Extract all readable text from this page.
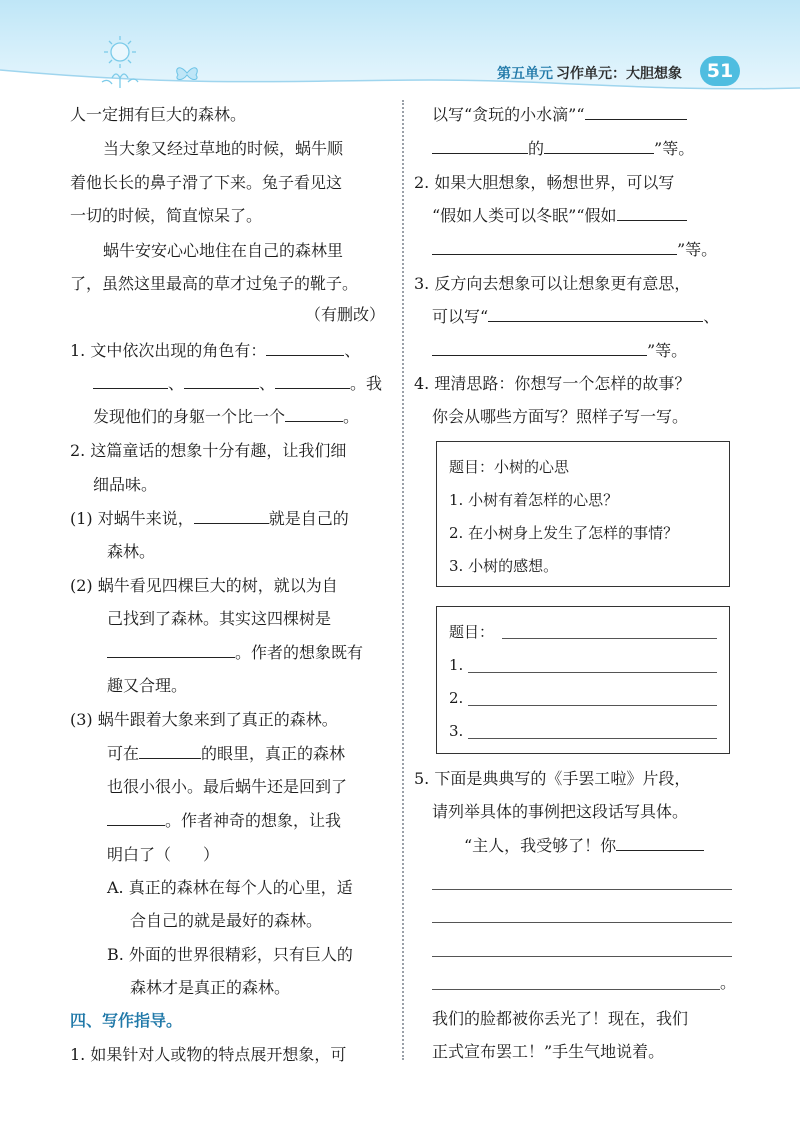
第五单元 习作单元：大胆想象	51
人一定拥有巨大的森林。
当大象又经过草地的时候，蜗牛顺
着他长长的鼻子滑了下来。兔子看见这
一切的时候，简直惊呆了。
蜗牛安安心心地住在自己的森林里
了，虽然这里最高的草才过兔子的靴子。
（有删改）
1. 文中依次出现的角色有：	、
、	、	。我
发现他们的身躯一个比一个	。
2. 这篇童话的想象十分有趣，让我们细
细品味。
(1) 对蜗牛来说，	就是自己的
森林。
(2) 蜗牛看见四棵巨大的树，就以为自
己找到了森林。其实这四棵树是
。作者的想象既有
趣又合理。
(3) 蜗牛跟着大象来到了真正的森林。
可在	的眼里，真正的森林
也很小很小。最后蜗牛还是回到了
。作者神奇的想象，让我
明白了（　　）
A. 真正的森林在每个人的心里，适
合自己的就是最好的森林。
B. 外面的世界很精彩，只有巨人的
森林才是真正的森林。
四、写作指导。
1. 如果针对人或物的特点展开想象，可
以写“贪玩的小水滴”“
的	”等。
2. 如果大胆想象，畅想世界，可以写
“假如人类可以冬眠”“假如
”等。
3. 反方向去想象可以让想象更有意思，
可以写“	、
”等。
4. 理清思路：你想写一个怎样的故事？
你会从哪些方面写？照样子写一写。
题目：小树的心思
1. 小树有着怎样的心思？
2. 在小树身上发生了怎样的事情？
3. 小树的感想。
题目：
1.
2.
3.
5. 下面是典典写的《手罢工啦》片段，
请列举具体的事例把这段话写具体。
“主人，我受够了！你
。
我们的脸都被你丢光了！现在，我们
正式宣布罢工！”手生气地说着。
